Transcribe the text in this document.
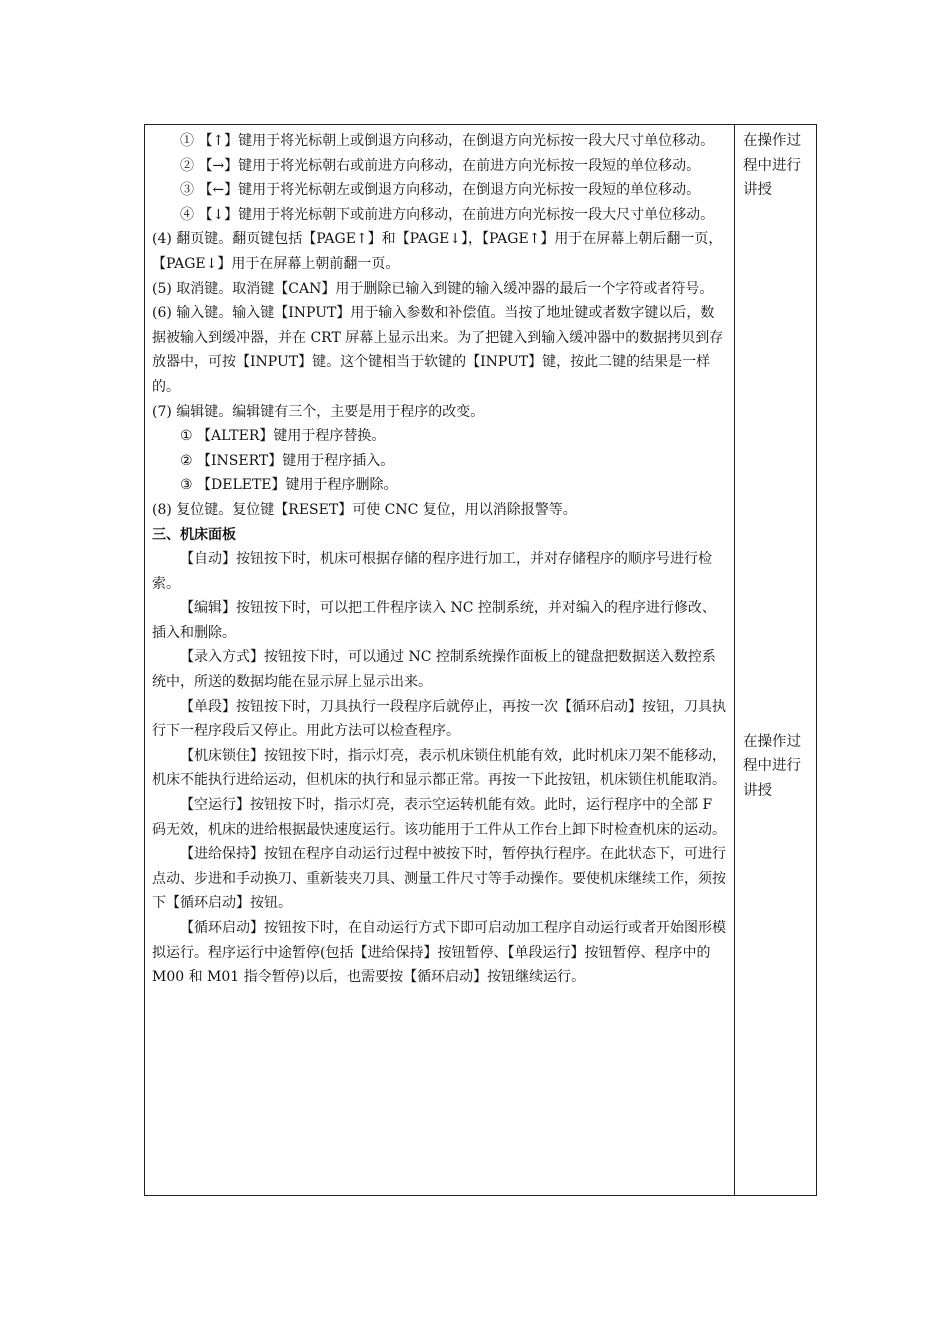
① 【↑】键用于将光标朝上或倒退方向移动，在倒退方向光标按一段大尺寸单位移动。

② 【→】键用于将光标朝右或前进方向移动，在前进方向光标按一段短的单位移动。

③ 【←】键用于将光标朝左或倒退方向移动，在倒退方向光标按一段短的单位移动。

④ 【↓】键用于将光标朝下或前进方向移动，在前进方向光标按一段大尺寸单位移动。

(4) 翻页键。翻页键包括【PAGE↑】和【PAGE↓】，【PAGE↑】用于在屏幕上朝后翻一页，【PAGE↓】用于在屏幕上朝前翻一页。

(5) 取消键。取消键【CAN】用于删除已输入到键的输入缓冲器的最后一个字符或者符号。

(6) 输入键。输入键【INPUT】用于输入参数和补偿值。当按了地址键或者数字键以后，数据被输入到缓冲器，并在 CRT 屏幕上显示出来。为了把键入到输入缓冲器中的数据拷贝到存放器中，可按【INPUT】键。这个键相当于软键的【INPUT】键，按此二键的结果是一样的。

(7) 编辑键。编辑键有三个，主要是用于程序的改变。

① 【ALTER】键用于程序替换。

② 【INSERT】键用于程序插入。

③ 【DELETE】键用于程序删除。

(8) 复位键。复位键【RESET】可使 CNC 复位，用以消除报警等。

三、机床面板

【自动】按钮按下时，机床可根据存储的程序进行加工，并对存储程序的顺序号进行检索。

【编辑】按钮按下时，可以把工件程序读入 NC 控制系统，并对编入的程序进行修改、插入和删除。

【录入方式】按钮按下时，可以通过 NC 控制系统操作面板上的键盘把数据送入数控系统中，所送的数据均能在显示屏上显示出来。

【单段】按钮按下时，刀具执行一段程序后就停止，再按一次【循环启动】按钮，刀具执行下一程序段后又停止。用此方法可以检查程序。

【机床锁住】按钮按下时，指示灯亮，表示机床锁住机能有效，此时机床刀架不能移动，机床不能执行进给运动，但机床的执行和显示都正常。再按一下此按钮，机床锁住机能取消。

【空运行】按钮按下时，指示灯亮，表示空运转机能有效。此时，运行程序中的全部 F 码无效，机床的进给根据最快速度运行。该功能用于工件从工作台上卸下时检查机床的运动。

【进给保持】按钮在程序自动运行过程中被按下时，暂停执行程序。在此状态下，可进行点动、步进和手动换刀、重新装夹刀具、测量工件尺寸等手动操作。要使机床继续工作，须按下【循环启动】按钮。

【循环启动】按钮按下时，在自动运行方式下即可启动加工程序自动运行或者开始图形模拟运行。程序运行中途暂停(包括【进给保持】按钮暂停、【单段运行】按钮暂停、程序中的 M00 和 M01 指令暂停)以后，也需要按【循环启动】按钮继续运行。

在操作过程中进行讲授
在操作过程中进行讲授
